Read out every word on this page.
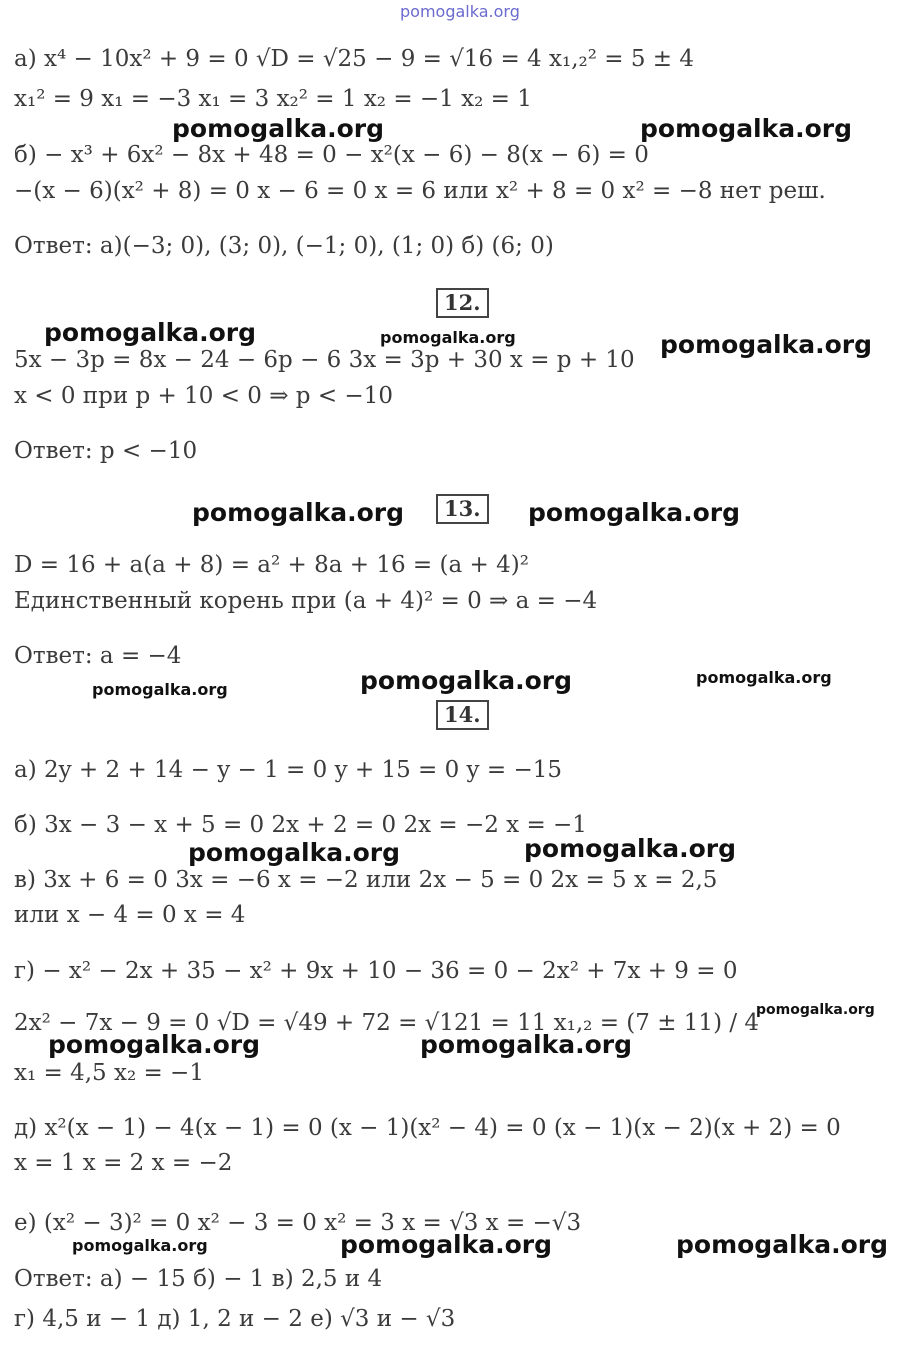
pomogalka.org
а) x⁴ − 10x² + 9 = 0 √D = √25 − 9 = √16 = 4 x₁,₂² = 5 ± 4
x₁² = 9 x₁ = −3 x₁ = 3 x₂² = 1 x₂ = −1 x₂ = 1
pomogalka.org	pomogalka.org
б) − x³ + 6x² − 8x + 48 = 0 − x²(x − 6) − 8(x − 6) = 0
−(x − 6)(x² + 8) = 0 x − 6 = 0 x = 6 или x² + 8 = 0 x² = −8 нет реш.
Ответ: а)(−3; 0), (3; 0), (−1; 0), (1; 0) б) (6; 0)
12.
pomogalka.org	pomogalka.org
5x − 3p = 8x − 24 − 6p − 6 3x = 3p + 30 x = p + 10
pomogalka.org
x < 0 при p + 10 < 0 ⇒ p < −10
Ответ: p < −10
pomogalka.org	13.	pomogalka.org
D = 16 + a(a + 8) = a² + 8a + 16 = (a + 4)²
Единственный корень при (a + 4)² = 0 ⇒ a = −4
Ответ: a = −4
pomogalka.org	pomogalka.org	pomogalka.org
14.
а) 2y + 2 + 14 − y − 1 = 0 y + 15 = 0 y = −15
б) 3x − 3 − x + 5 = 0 2x + 2 = 0 2x = −2 x = −1
pomogalka.org	pomogalka.org
в) 3x + 6 = 0 3x = −6 x = −2 или 2x − 5 = 0 2x = 5 x = 2,5
или x − 4 = 0 x = 4
г) − x² − 2x + 35 − x² + 9x + 10 − 36 = 0 − 2x² + 7x + 9 = 0
2x² − 7x − 9 = 0 √D = √49 + 72 = √121 = 11 x₁,₂ = (7 ± 11) / 4
pomogalka.org
pomogalka.org	pomogalka.org
x₁ = 4,5 x₂ = −1
д) x²(x − 1) − 4(x − 1) = 0 (x − 1)(x² − 4) = 0 (x − 1)(x − 2)(x + 2) = 0
x = 1 x = 2 x = −2
е) (x² − 3)² = 0 x² − 3 = 0 x² = 3 x = √3 x = −√3
pomogalka.org	pomogalka.org	pomogalka.org
Ответ: а) − 15 б) − 1 в) 2,5 и 4
г) 4,5 и − 1 д) 1, 2 и − 2 е) √3 и − √3
